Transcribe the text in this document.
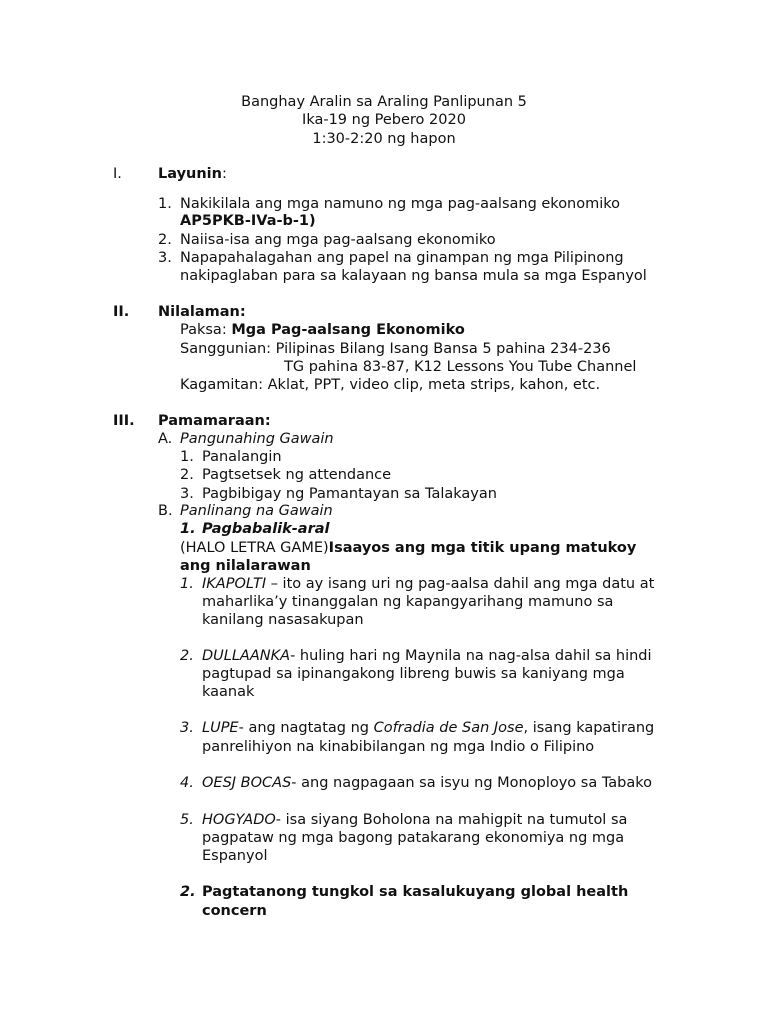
Banghay Aralin sa Araling Panlipunan 5
Ika-19 ng Pebero 2020
1:30-2:20 ng hapon
I. Layunin:
1. Nakikilala ang mga namuno ng mga pag-aalsang ekonomiko
AP5PKB-IVa-b-1)
2. Naiisa-isa ang mga pag-aalsang ekonomiko
3. Napapahalagahan ang papel na ginampan ng mga Pilipinong
nakipaglaban para sa kalayaan ng bansa mula sa mga Espanyol
II. Nilalaman:
Paksa: Mga Pag-aalsang Ekonomiko
Sanggunian: Pilipinas Bilang Isang Bansa 5 pahina 234-236
TG pahina 83-87, K12 Lessons You Tube Channel
Kagamitan: Aklat, PPT, video clip, meta strips, kahon, etc.
III. Pamamaraan:
A. Pangunahing Gawain
1. Panalangin
2. Pagtsetsek ng attendance
3. Pagbibigay ng Pamantayan sa Talakayan
B. Panlinang na Gawain
1. Pagbabalik-aral
(HALO LETRA GAME)Isaayos ang mga titik upang matukoy
ang nilalarawan
1. IKAPOLTI – ito ay isang uri ng pag-aalsa dahil ang mga datu at
maharlika’y tinanggalan ng kapangyarihang mamuno sa
kanilang nasasakupan
2. DULLAANKA- huling hari ng Maynila na nag-alsa dahil sa hindi
pagtupad sa ipinangakong libreng buwis sa kaniyang mga
kaanak
3. LUPE- ang nagtatag ng Cofradia de San Jose, isang kapatirang
panrelihiyon na kinabibilangan ng mga Indio o Filipino
4. OESJ BOCAS- ang nagpagaan sa isyu ng Monoployo sa Tabako
5. HOGYADO- isa siyang Boholona na mahigpit na tumutol sa
pagpataw ng mga bagong patakarang ekonomiya ng mga
Espanyol
2. Pagtatanong tungkol sa kasalukuyang global health
concern
